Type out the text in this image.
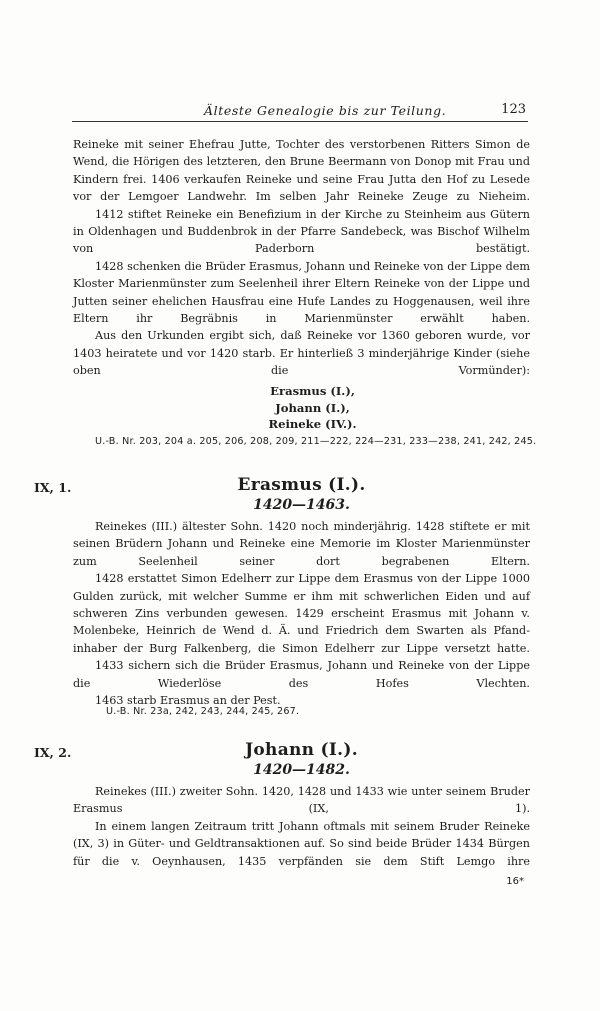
Älteste Genealogie bis zur Teilung.	123

Reineke mit seiner Ehefrau Jutte, Tochter des verstorbenen Ritters Simon de Wend, die Hörigen des letzteren, den Brune Beermann von Donop mit Frau und Kindern frei. 1406 verkaufen Reineke und seine Frau Jutta den Hof zu Lesede vor der Lemgoer Landwehr. Im selben Jahr Reineke Zeuge zu Nieheim.

1412 stiftet Reineke ein Benefizium in der Kirche zu Steinheim aus Gütern in Oldenhagen und Buddenbrok in der Pfarre Sandebeck, was Bischof Wilhelm von Paderborn bestätigt.

1428 schenken die Brüder Erasmus, Johann und Reineke von der Lippe dem Kloster Marienmünster zum Seelenheil ihrer Eltern Reineke von der Lippe und Jutten seiner ehelichen Hausfrau eine Hufe Landes zu Hoggenausen, weil ihre Eltern ihr Begräbnis in Marienmünster erwählt haben.

Aus den Urkunden ergibt sich, daß Reineke vor 1360 geboren wurde, vor 1403 heiratete und vor 1420 starb. Er hinterließ 3 minderjährige Kinder (siehe oben die Vormünder):

Erasmus (I.),
Johann (I.),
Reineke (IV.).
U.-B. Nr. 203, 204 a. 205, 206, 208, 209, 211—222, 224—231, 233—238, 241, 242, 245.
IX, 1.	Erasmus (I.).
1420—1463.

Reinekes (III.) ältester Sohn. 1420 noch minderjährig. 1428 stiftete er mit seinen Brüdern Johann und Reineke eine Memorie im Kloster Marienmünster zum Seelenheil seiner dort begrabenen Eltern.

1428 erstattet Simon Edelherr zur Lippe dem Erasmus von der Lippe 1000 Gulden zurück, mit welcher Summe er ihm mit schwerlichen Eiden und auf schweren Zins verbunden gewesen. 1429 erscheint Erasmus mit Johann v. Molenbeke, Heinrich de Wend d. Ä. und Friedrich dem Swarten als Pfand- inhaber der Burg Falkenberg, die Simon Edelherr zur Lippe versetzt hatte.

1433 sichern sich die Brüder Erasmus, Johann und Reineke von der Lippe die Wiederlöse des Hofes Vlechten.

1463 starb Erasmus an der Pest.

U.-B. Nr. 23a, 242, 243, 244, 245, 267.
IX, 2.	Johann (I.).
1420—1482.

Reinekes (III.) zweiter Sohn. 1420, 1428 und 1433 wie unter seinem Bruder Erasmus (IX, 1).

In einem langen Zeitraum tritt Johann oftmals mit seinem Bruder Reineke (IX, 3) in Güter- und Geldtransaktionen auf. So sind beide Brüder 1434 Bürgen für die v. Oeynhausen, 1435 verpfänden sie dem Stift Lemgo ihre

16*
